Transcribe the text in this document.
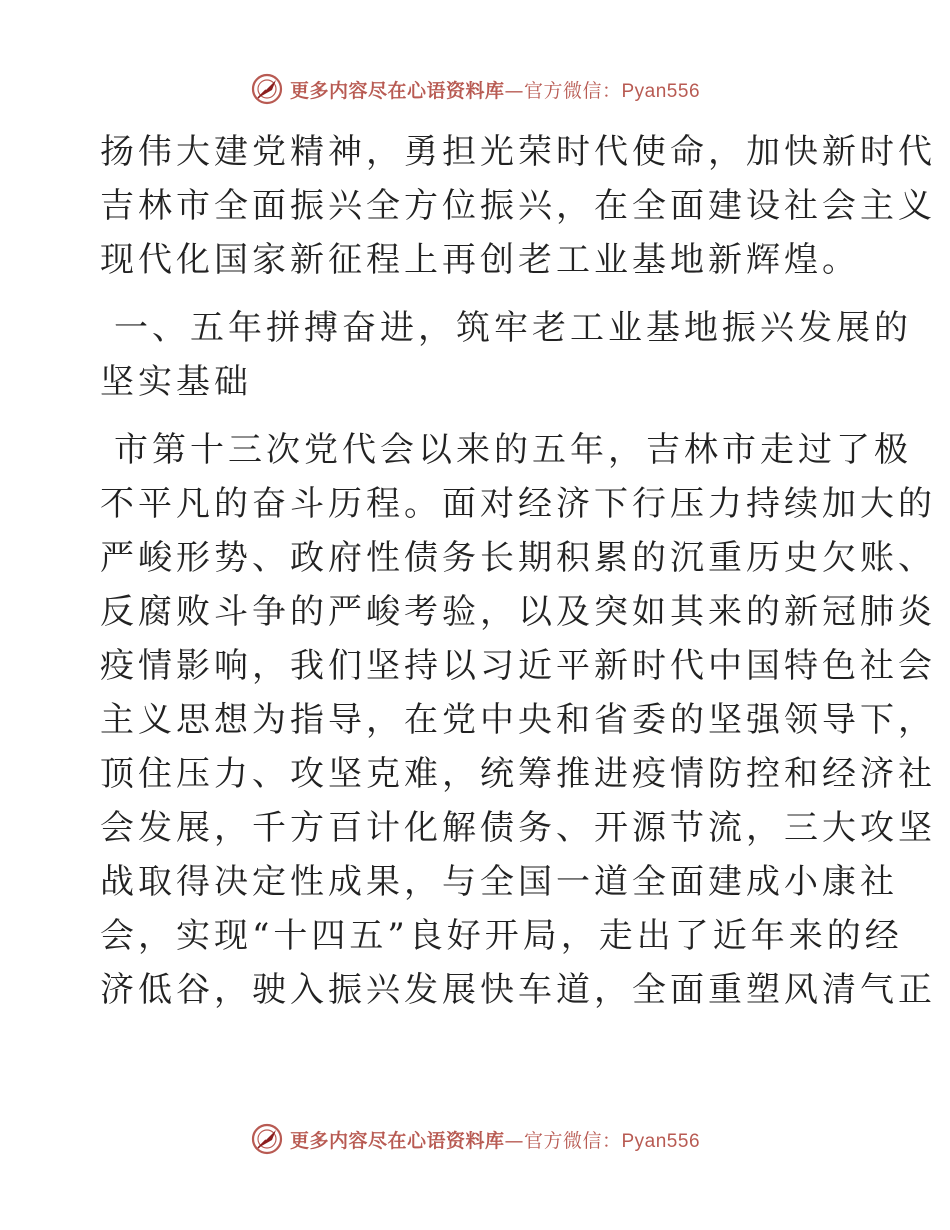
更多内容尽在心语资料库—官方微信：Pyan556
扬伟大建党精神，勇担光荣时代使命，加快新时代
吉林市全面振兴全方位振兴，在全面建设社会主义
现代化国家新征程上再创老工业基地新辉煌。
一、五年拼搏奋进，筑牢老工业基地振兴发展的
坚实基础
市第十三次党代会以来的五年，吉林市走过了极
不平凡的奋斗历程。面对经济下行压力持续加大的
严峻形势、政府性债务长期积累的沉重历史欠账、
反腐败斗争的严峻考验，以及突如其来的新冠肺炎
疫情影响，我们坚持以习近平新时代中国特色社会
主义思想为指导，在党中央和省委的坚强领导下，
顶住压力、攻坚克难，统筹推进疫情防控和经济社
会发展，千方百计化解债务、开源节流，三大攻坚
战取得决定性成果，与全国一道全面建成小康社
会，实现“十四五”良好开局，走出了近年来的经
济低谷，驶入振兴发展快车道，全面重塑风清气正
更多内容尽在心语资料库—官方微信：Pyan556
